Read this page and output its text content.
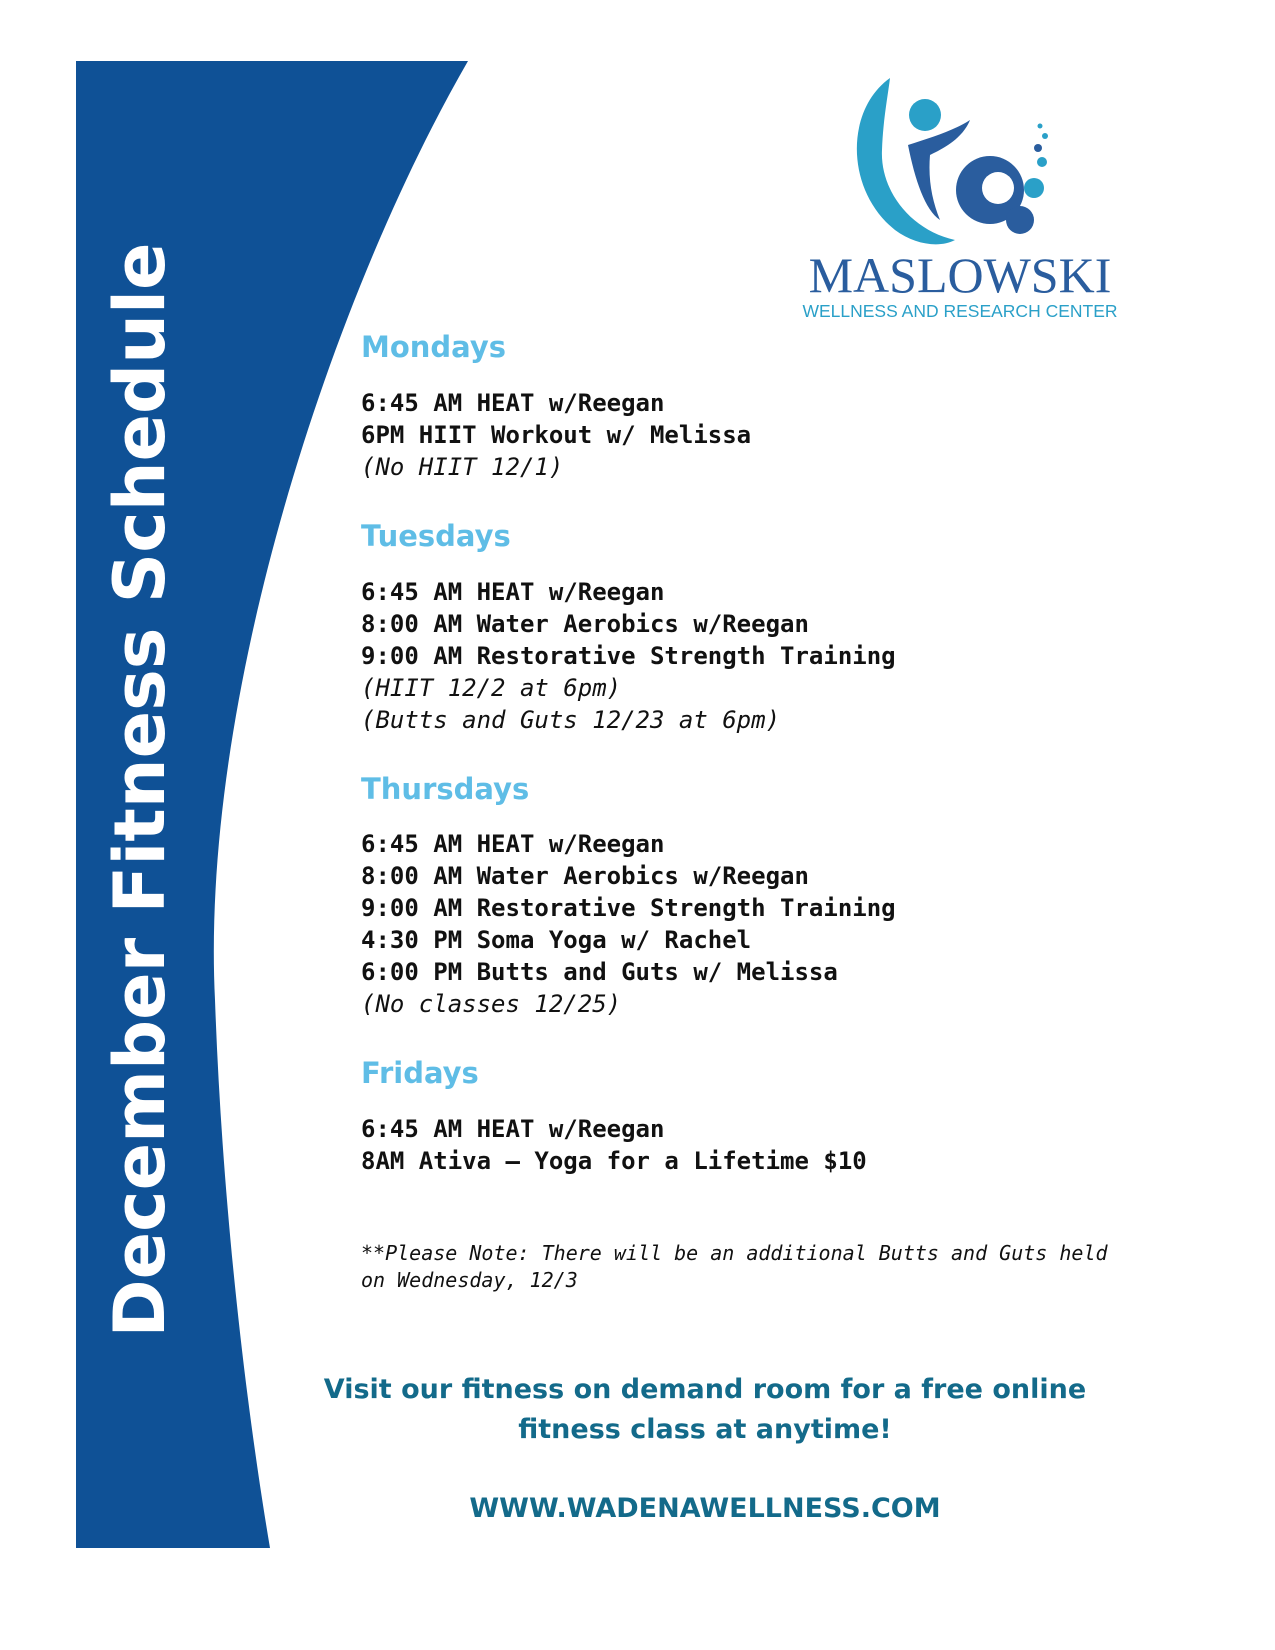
December Fitness Schedule	MASLOWSKI
WELLNESS AND RESEARCH CENTER
Mondays
6:45 AM HEAT w/Reegan
6PM HIIT Workout w/ Melissa
(No HIIT 12/1)
Tuesdays
6:45 AM HEAT w/Reegan
8:00 AM Water Aerobics w/Reegan
9:00 AM Restorative Strength Training
(HIIT 12/2 at 6pm)
(Butts and Guts 12/23 at 6pm)
Thursdays
6:45 AM HEAT w/Reegan
8:00 AM Water Aerobics w/Reegan
9:00 AM Restorative Strength Training
4:30 PM Soma Yoga w/ Rachel
6:00 PM Butts and Guts w/ Melissa
(No classes 12/25)
Fridays
6:45 AM HEAT w/Reegan
8AM Ativa – Yoga for a Lifetime $10
**Please Note: There will be an additional Butts and Guts held on Wednesday, 12/3
Visit our fitness on demand room for a free online fitness class at anytime!
WWW.WADENAWELLNESS.COM
